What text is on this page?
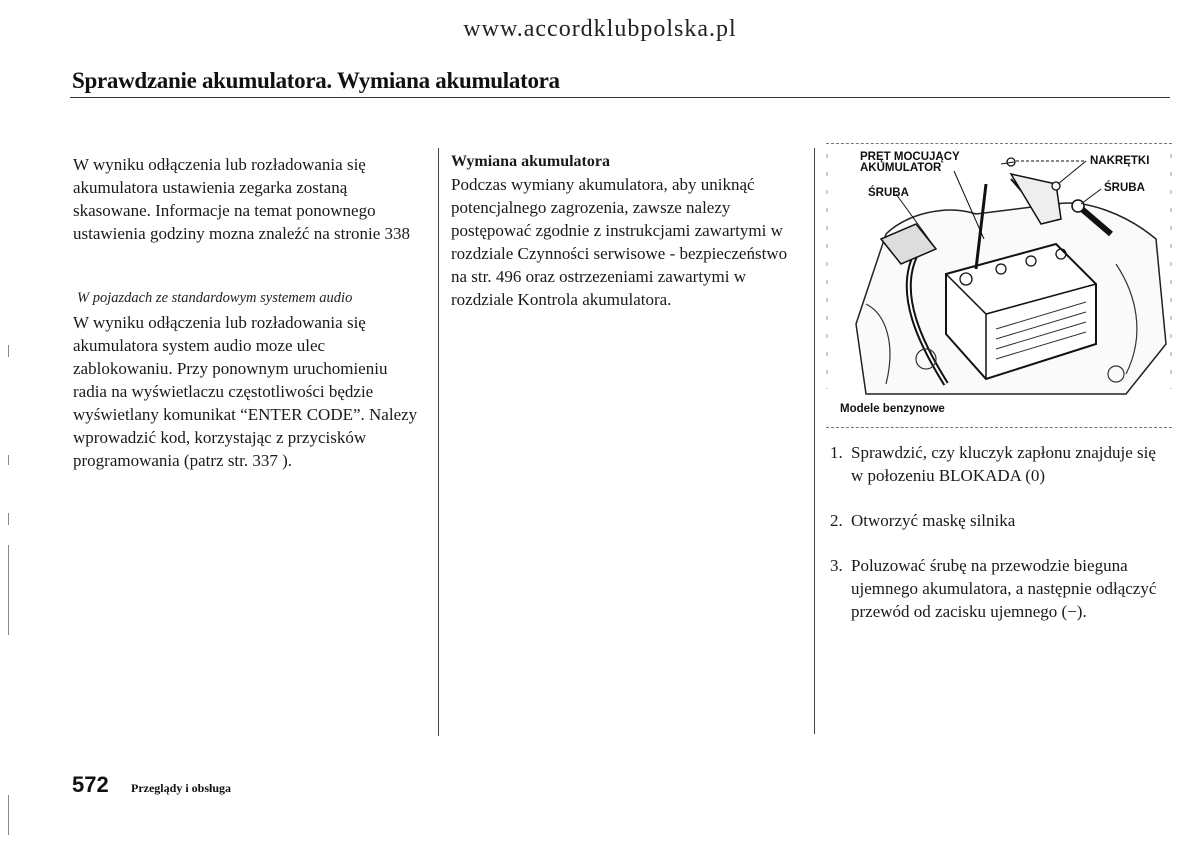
www.accordklubpolska.pl
Sprawdzanie akumulatora. Wymiana akumulatora

W wyniku odłączenia lub rozładowania się akumulatora ustawienia zegarka zostaną skasowane. Informacje na temat ponownego ustawienia godziny mozna znaleźć na stronie 338

W pojazdach ze standardowym systemem audio

W wyniku odłączenia lub rozładowania się akumulatora system audio moze ulec zablokowaniu. Przy ponownym uruchomieniu radia na wyświetlaczu częstotliwości będzie wyświetlany komunikat “ENTER CODE”. Nalezy wprowadzić kod, korzystając z przycisków programowania (patrz str. 337 ).

Wymiana akumulatora

Podczas wymiany akumulatora, aby uniknąć potencjalnego zagrozenia, zawsze nalezy postępować zgodnie z instrukcjami zawartymi w rozdziale Czynności serwisowe - bezpieczeństwo na str. 496 oraz ostrzezeniami zawartymi w rozdziale Kontrola akumulatora.

PRĘT MOCUJĄCY
AKUMULATOR
ŚRUBA
NAKRĘTKI
ŚRUBA
Modele benzynowe
1. Sprawdzić, czy kluczyk zapłonu znajduje się w połozeniu BLOKADA (0)
2. Otworzyć maskę silnika
3. Poluzować śrubę na przewodzie bieguna ujemnego akumulatora, a następnie odłączyć przewód od zacisku ujemnego (−).
572 Przeglądy i obsługa
